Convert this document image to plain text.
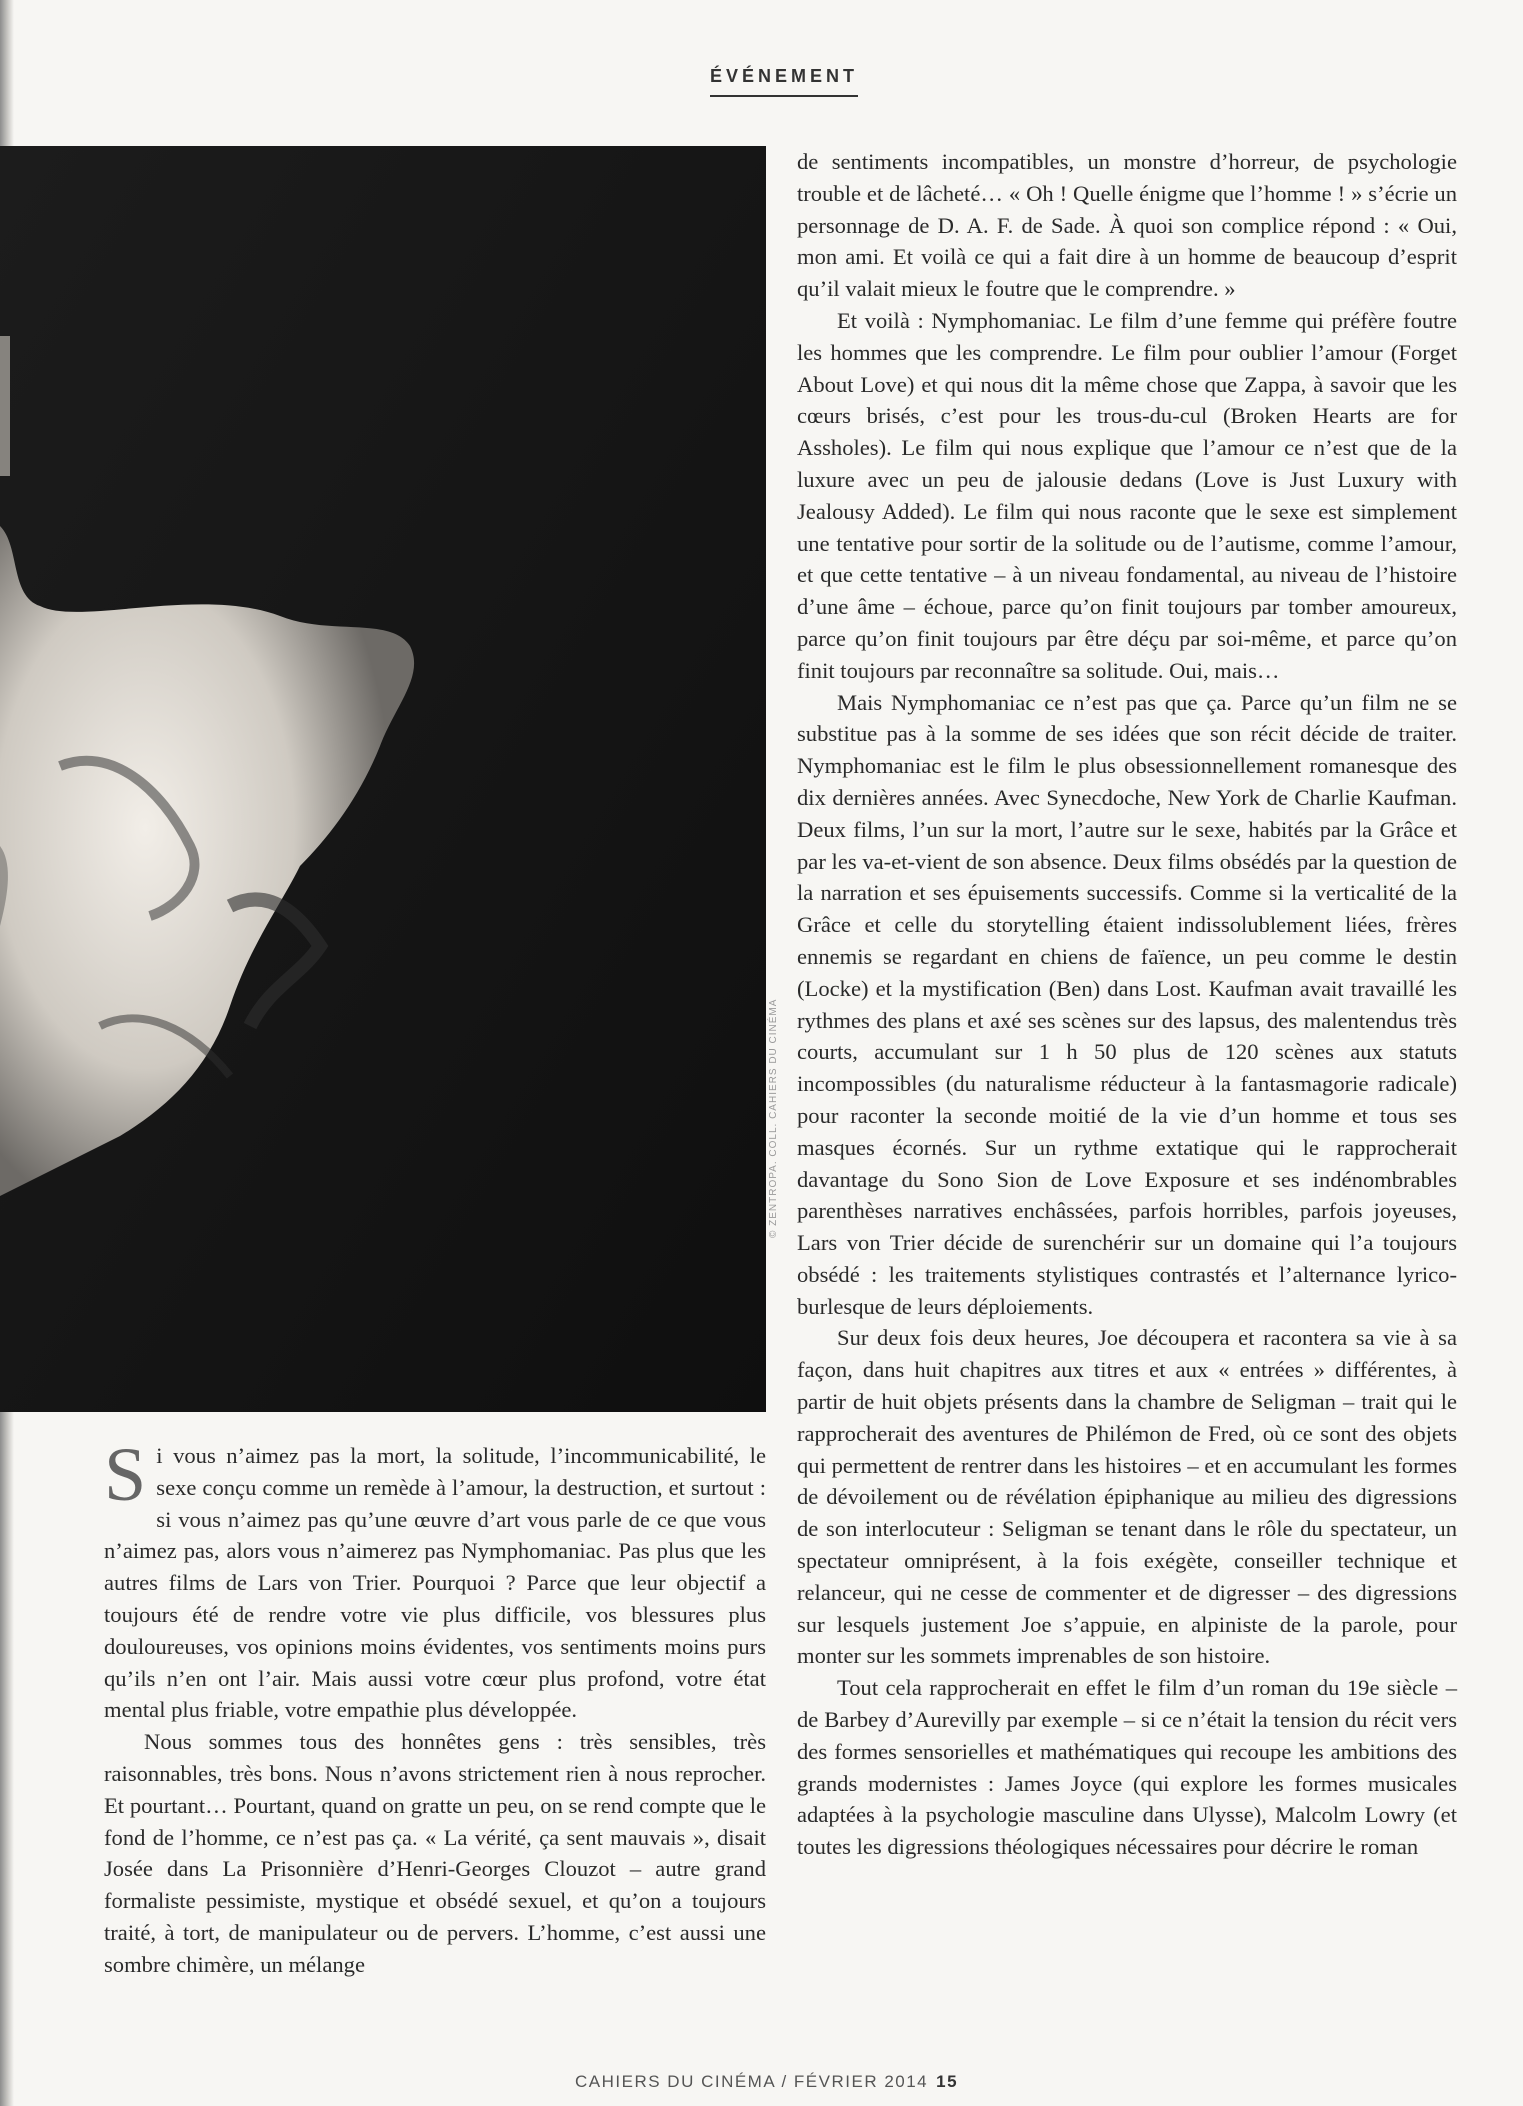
ÉVÉNEMENT
© ZENTROPA. COLL. CAHIERS DU CINÉMA

de sentiments incompatibles, un monstre d’horreur, de psychologie trouble et de lâcheté… « Oh ! Quelle énigme que l’homme ! » s’écrie un personnage de D. A. F. de Sade. À quoi son complice répond : « Oui, mon ami. Et voilà ce qui a fait dire à un homme de beaucoup d’esprit qu’il valait mieux le foutre que le comprendre. »

Et voilà : Nymphomaniac. Le film d’une femme qui préfère foutre les hommes que les comprendre. Le film pour oublier l’amour (Forget About Love) et qui nous dit la même chose que Zappa, à savoir que les cœurs brisés, c’est pour les trous-du-cul (Broken Hearts are for Assholes). Le film qui nous explique que l’amour ce n’est que de la luxure avec un peu de jalousie dedans (Love is Just Luxury with Jealousy Added). Le film qui nous raconte que le sexe est simplement une tentative pour sortir de la solitude ou de l’autisme, comme l’amour, et que cette tentative – à un niveau fondamental, au niveau de l’histoire d’une âme – échoue, parce qu’on finit toujours par tomber amoureux, parce qu’on finit toujours par être déçu par soi-même, et parce qu’on finit toujours par reconnaître sa solitude. Oui, mais…

Mais Nymphomaniac ce n’est pas que ça. Parce qu’un film ne se substitue pas à la somme de ses idées que son récit décide de traiter. Nymphomaniac est le film le plus obsessionnellement romanesque des dix dernières années. Avec Synecdoche, New York de Charlie Kaufman. Deux films, l’un sur la mort, l’autre sur le sexe, habités par la Grâce et par les va-et-vient de son absence. Deux films obsédés par la question de la narration et ses épuisements successifs. Comme si la verticalité de la Grâce et celle du storytelling étaient indissolublement liées, frères ennemis se regardant en chiens de faïence, un peu comme le destin (Locke) et la mystification (Ben) dans Lost. Kaufman avait travaillé les rythmes des plans et axé ses scènes sur des lapsus, des malentendus très courts, accumulant sur 1 h 50 plus de 120 scènes aux statuts incompossibles (du naturalisme réducteur à la fantasmagorie radicale) pour raconter la seconde moitié de la vie d’un homme et tous ses masques écornés. Sur un rythme extatique qui le rapprocherait davantage du Sono Sion de Love Exposure et ses indénombrables parenthèses narratives enchâssées, parfois horribles, parfois joyeuses, Lars von Trier décide de surenchérir sur un domaine qui l’a toujours obsédé : les traitements stylistiques contrastés et l’alternance lyrico-burlesque de leurs déploiements.

Sur deux fois deux heures, Joe découpera et racontera sa vie à sa façon, dans huit chapitres aux titres et aux « entrées » différentes, à partir de huit objets présents dans la chambre de Seligman – trait qui le rapprocherait des aventures de Philémon de Fred, où ce sont des objets qui permettent de rentrer dans les histoires – et en accumulant les formes de dévoilement ou de révélation épiphanique au milieu des digressions de son interlocuteur : Seligman se tenant dans le rôle du spectateur, un spectateur omniprésent, à la fois exégète, conseiller technique et relanceur, qui ne cesse de commenter et de digresser – des digressions sur lesquels justement Joe s’appuie, en alpiniste de la parole, pour monter sur les sommets imprenables de son histoire.

Tout cela rapprocherait en effet le film d’un roman du 19e siècle – de Barbey d’Aurevilly par exemple – si ce n’était la tension du récit vers des formes sensorielles et mathématiques qui recoupe les ambitions des grands modernistes : James Joyce (qui explore les formes musicales adaptées à la psychologie masculine dans Ulysse), Malcolm Lowry (et toutes les digressions théologiques nécessaires pour décrire le roman

Si vous n’aimez pas la mort, la solitude, l’incommunicabilité, le sexe conçu comme un remède à l’amour, la destruction, et surtout : si vous n’aimez pas qu’une œuvre d’art vous parle de ce que vous n’aimez pas, alors vous n’aimerez pas Nymphomaniac. Pas plus que les autres films de Lars von Trier. Pourquoi ? Parce que leur objectif a toujours été de rendre votre vie plus difficile, vos blessures plus douloureuses, vos opinions moins évidentes, vos sentiments moins purs qu’ils n’en ont l’air. Mais aussi votre cœur plus profond, votre état mental plus friable, votre empathie plus développée.

Nous sommes tous des honnêtes gens : très sensibles, très raisonnables, très bons. Nous n’avons strictement rien à nous reprocher. Et pourtant… Pourtant, quand on gratte un peu, on se rend compte que le fond de l’homme, ce n’est pas ça. « La vérité, ça sent mauvais », disait Josée dans La Prisonnière d’Henri-Georges Clouzot – autre grand formaliste pessimiste, mystique et obsédé sexuel, et qu’on a toujours traité, à tort, de manipulateur ou de pervers. L’homme, c’est aussi une sombre chimère, un mélange

CAHIERS DU CINÉMA / FÉVRIER 2014 15
